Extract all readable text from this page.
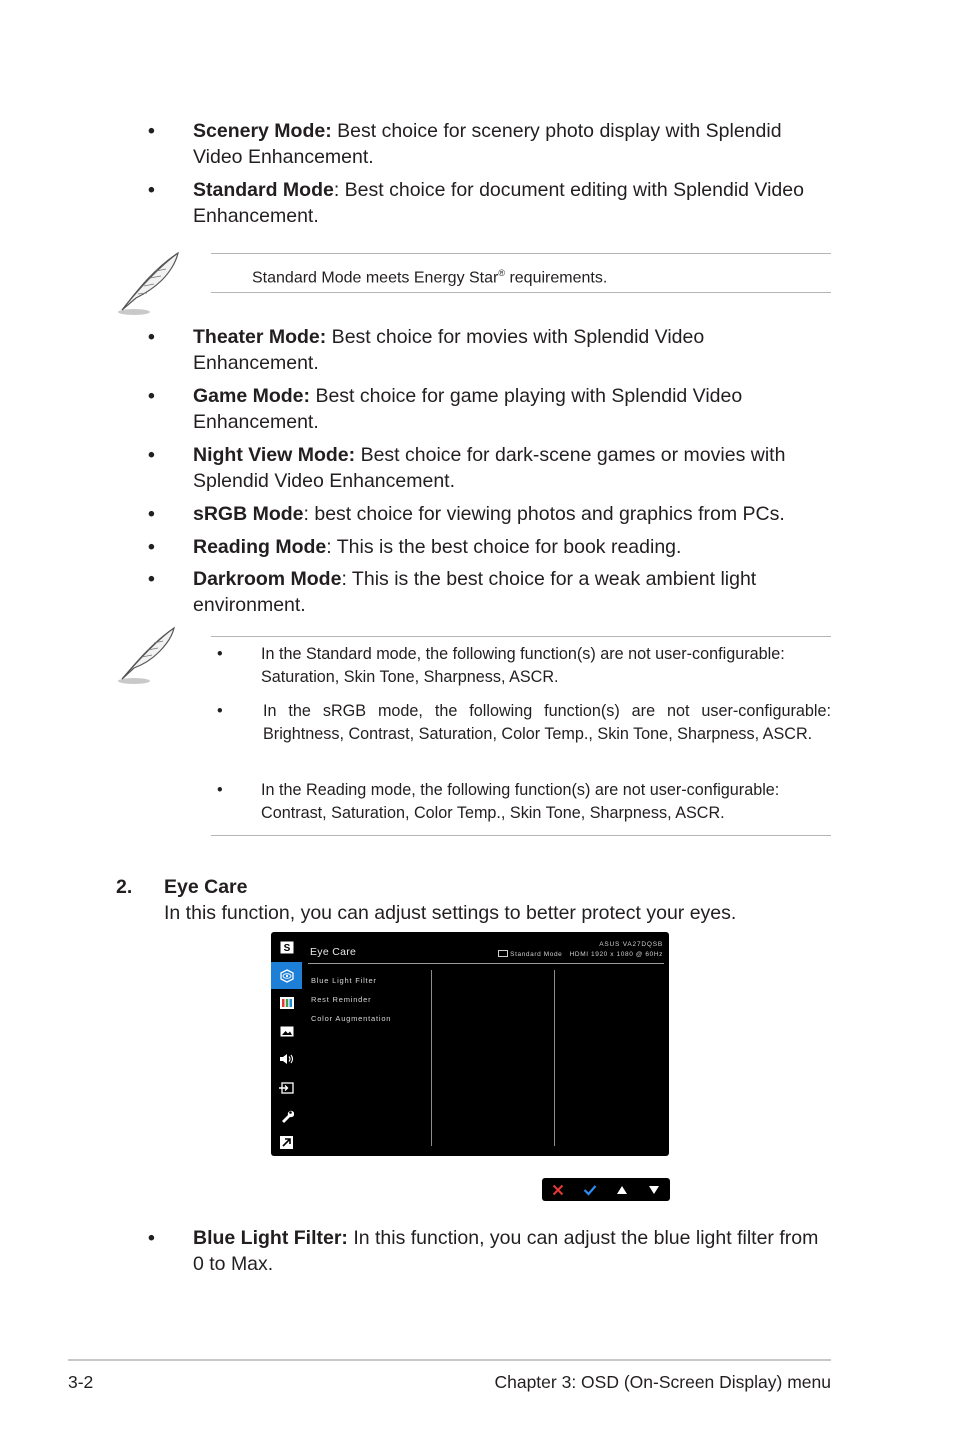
• Scenery Mode: Best choice for scenery photo display with Splendid Video Enhancement.
• Standard Mode: Best choice for document editing with Splendid Video Enhancement.
Standard Mode meets Energy Star® requirements.
• Theater Mode: Best choice for movies with Splendid Video Enhancement.
• Game Mode: Best choice for game playing with Splendid Video Enhancement.
• Night View Mode: Best choice for dark-scene games or movies with Splendid Video Enhancement.
• sRGB Mode: best choice for viewing photos and graphics from PCs.
• Reading Mode: This is the best choice for book reading.
• Darkroom Mode: This is the best choice for a weak ambient light environment.
• In the Standard mode, the following function(s) are not user-configurable: Saturation, Skin Tone, Sharpness, ASCR.
• In the sRGB mode, the following function(s) are not user-configurable: Brightness, Contrast, Saturation, Color Temp., Skin Tone, Sharpness, ASCR.
• In the Reading mode, the following function(s) are not user-configurable: Contrast, Saturation, Color Temp., Skin Tone, Sharpness, ASCR.
2. Eye Care
In this function, you can adjust settings to better protect your eyes.
S Eye Care
ASUS VA27DQSB
Standard Mode HDMI 1920 x 1080 @ 60Hz
Blue Light Filter
Rest Reminder
Color Augmentation
• Blue Light Filter: In this function, you can adjust the blue light filter from 0 to Max.
3-2	Chapter 3: OSD (On-Screen Display) menu
